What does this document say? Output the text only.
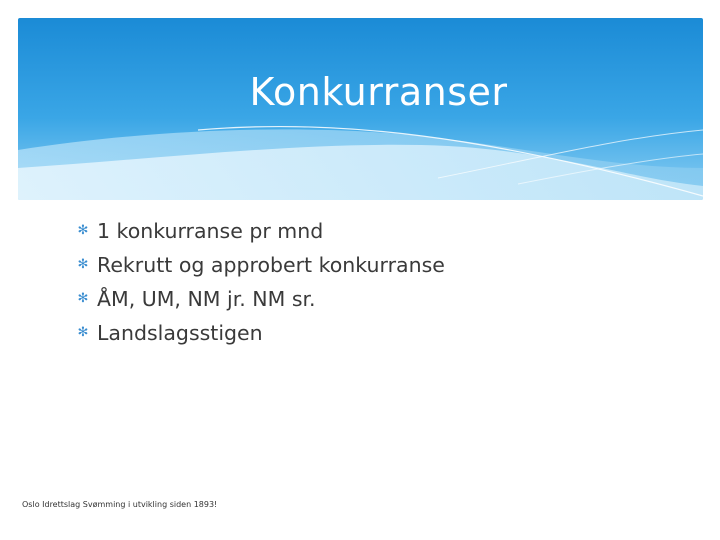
Konkurranser
✻ 1 konkurranse pr mnd
✻ Rekrutt og approbert konkurranse
✻ ÅM, UM, NM jr. NM sr.
✻ Landslagsstigen
Oslo Idrettslag Svømming i utvikling siden 1893!
